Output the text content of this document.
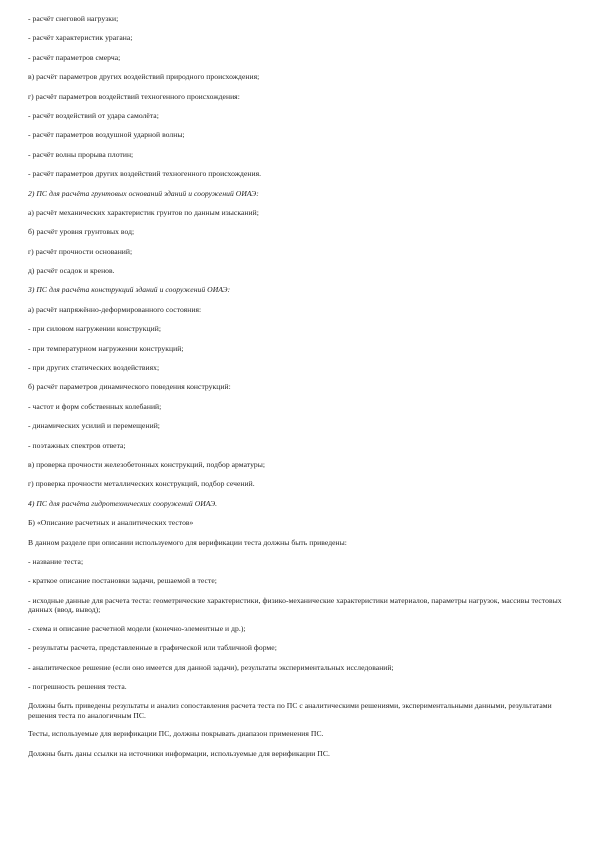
- расчёт снеговой нагрузки;
- расчёт характеристик урагана;
- расчёт параметров смерча;
в) расчёт параметров других воздействий природного происхождения;
г) расчёт параметров воздействий техногенного происхождения:
- расчёт воздействий от удара самолёта;
- расчёт параметров воздушной ударной волны;
- расчёт волны прорыва плотин;
- расчёт параметров других воздействий техногенного происхождения.
2) ПС для расчёта грунтовых оснований зданий и сооружений ОИАЭ:
а) расчёт механических характеристик грунтов по данным изысканий;
б) расчёт уровня грунтовых вод;
г) расчёт прочности оснований;
д) расчёт осадок и кренов.
3) ПС для расчёта конструкций зданий и сооружений ОИАЭ:
а) расчёт напряжённо-деформированного состояния:
- при силовом нагружении конструкций;
- при температурном нагружении конструкций;
- при других статических воздействиях;
б) расчёт параметров динамического поведения конструкций:
- частот и форм собственных колебаний;
- динамических усилий и перемещений;
- поэтажных спектров ответа;
в) проверка прочности железобетонных конструкций, подбор арматуры;
г) проверка прочности металлических конструкций, подбор сечений.
4) ПС для расчёта гидротехнических сооружений ОИАЭ.
Б) «Описание расчетных и аналитических тестов»
В данном разделе при описании используемого для верификации теста должны быть приведены:
- название теста;
- краткое описание постановки задачи, решаемой в тесте;
- исходные данные для расчета теста: геометрические характеристики, физико-механические характеристики материалов, параметры нагрузок, массивы тестовых данных (ввод, вывод);
- схема и описание расчетной модели (конечно-элементные и др.);
- результаты расчета, представленные в графической или табличной форме;
- аналитическое решение (если оно имеется для данной задачи), результаты экспериментальных исследований;
- погрешность решения теста.
Должны быть приведены результаты и анализ сопоставления расчета теста по ПС с аналитическими решениями, экспериментальными данными, результатами решения теста по аналогичным ПС.
Тесты, используемые для верификации ПС, должны покрывать диапазон применения ПС.
Должны быть даны ссылки на источники информации, используемые для верификации ПС.
